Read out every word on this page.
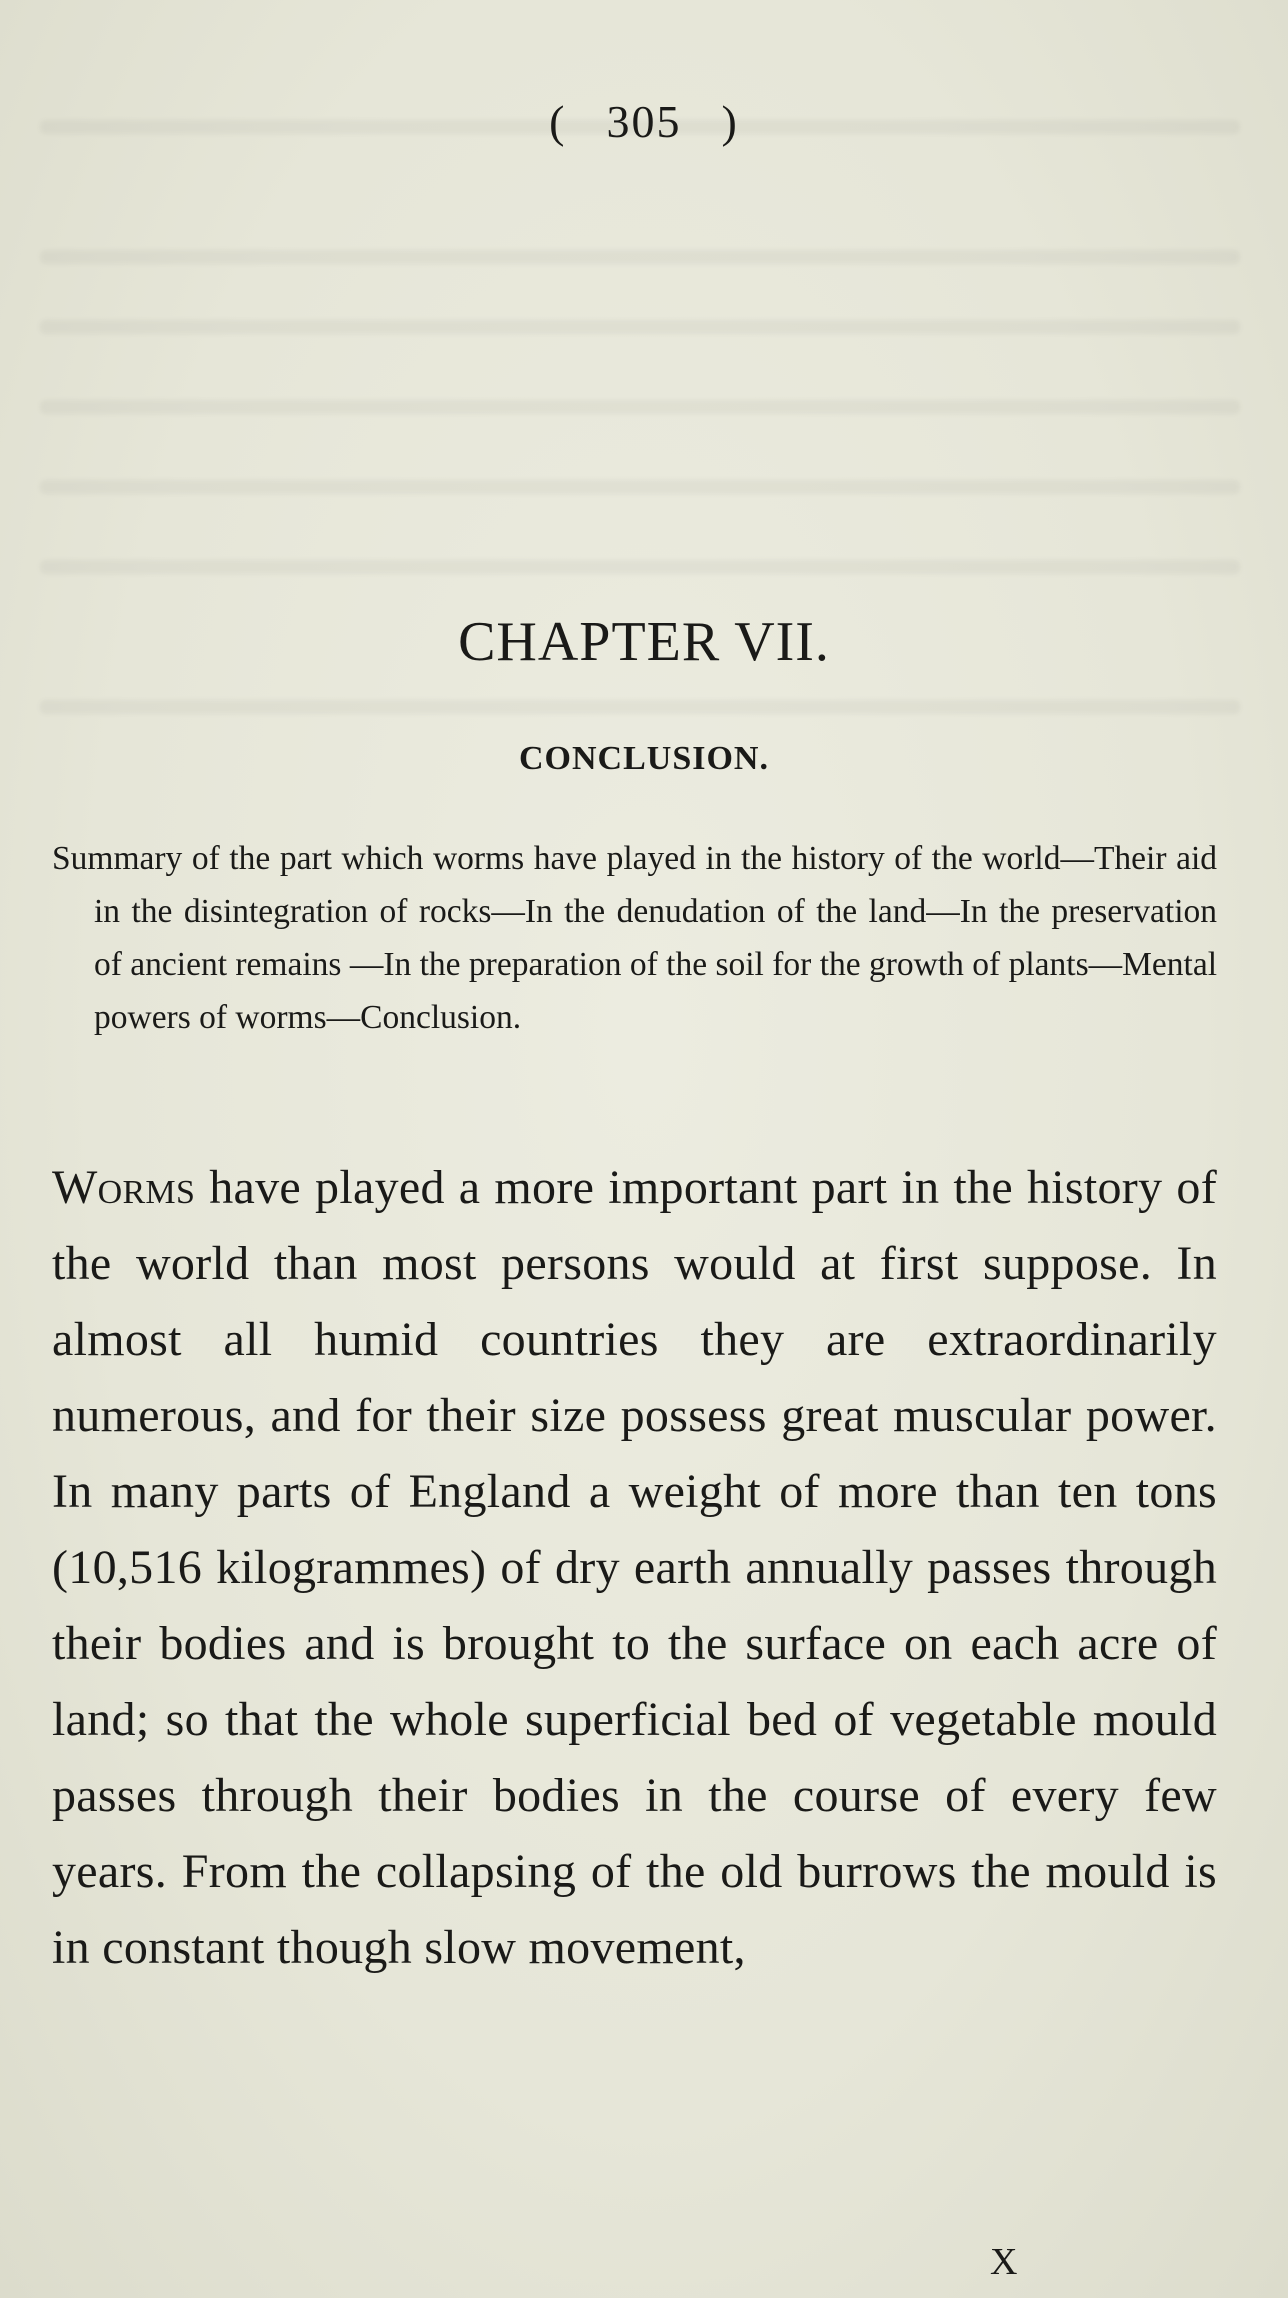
( 305 )
CHAPTER VII.
CONCLUSION.
Summary of the part which worms have played in the history of the world—Their aid in the disintegration of rocks—In the denudation of the land—In the preservation of ancient remains —In the preparation of the soil for the growth of plants—Mental powers of worms—Conclusion.
Worms have played a more important part in the history of the world than most persons would at first suppose. In almost all humid countries they are extraordinarily numerous, and for their size possess great muscular power. In many parts of England a weight of more than ten tons (10,516 kilogrammes) of dry earth annually passes through their bodies and is brought to the surface on each acre of land; so that the whole superficial bed of vegetable mould passes through their bodies in the course of every few years. From the collapsing of the old burrows the mould is in constant though slow movement,
X
